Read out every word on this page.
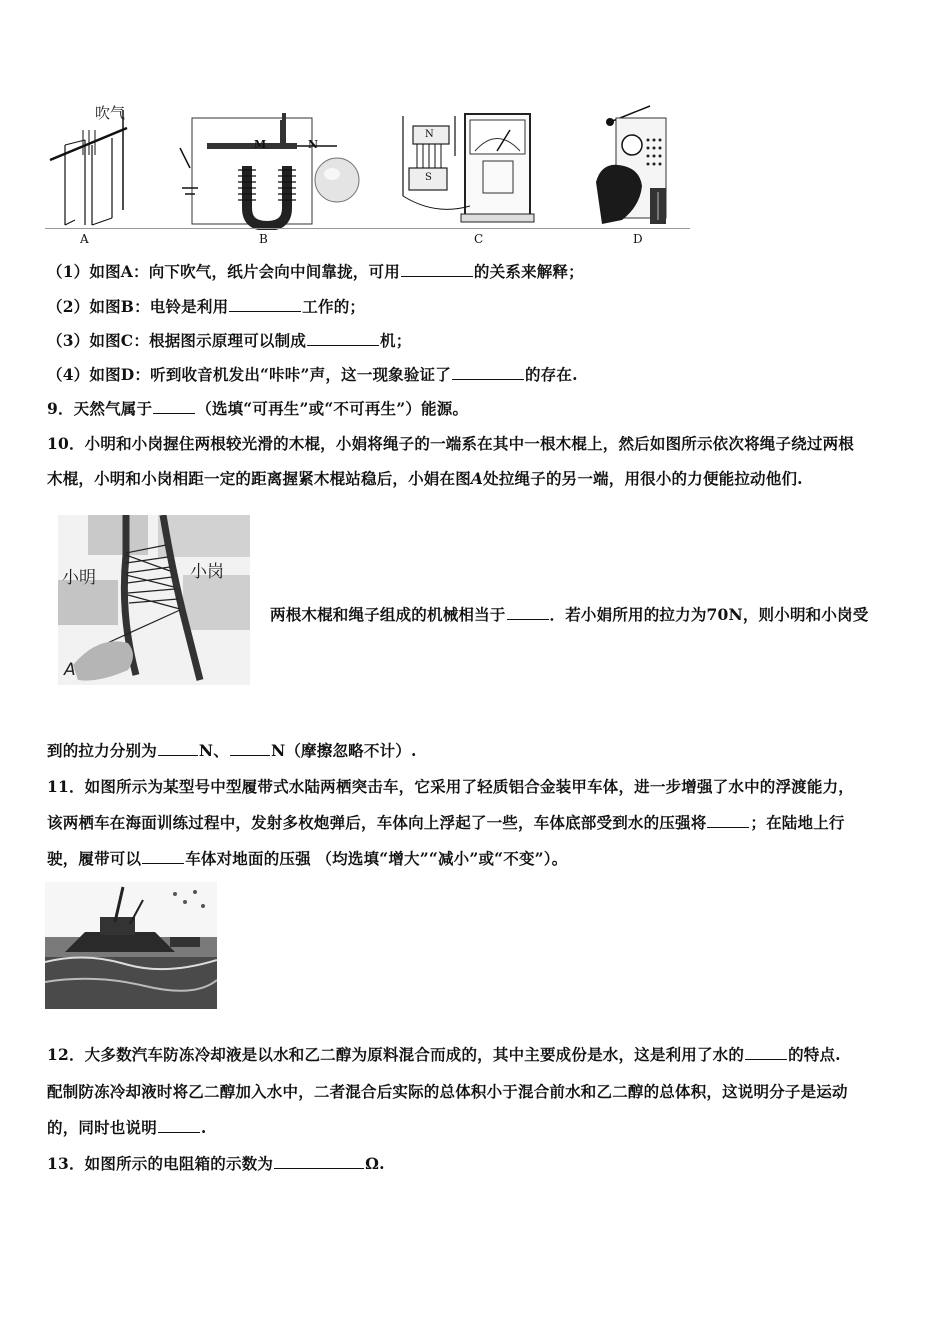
吹气
A
M	N
B
N
S
C	D
（1）如图A：向下吹气，纸片会向中间靠拢，可用	的关系来解释；
（2）如图B：电铃是利用	工作的；
（3）如图C：根据图示原理可以制成	机；
（4）如图D：听到收音机发出“咔咔”声，这一现象验证了	的存在.
9．天然气属于	（选填“可再生”或“不可再生”）能源。
10．小明和小岗握住两根较光滑的木棍，小娟将绳子的一端系在其中一根木棍上，然后如图所示依次将绳子绕过两根
木棍，小明和小岗相距一定的距离握紧木棍站稳后，小娟在图A处拉绳子的另一端，用很小的力便能拉动他们.
小明	小岗
A
两根木棍和绳子组成的机械相当于	．若小娟所用的拉力为70N，则小明和小岗受
到的拉力分别为	N、	N（摩擦忽略不计）.
11．如图所示为某型号中型履带式水陆两栖突击车，它采用了轻质铝合金装甲车体，进一步增强了水中的浮渡能力，
该两栖车在海面训练过程中，发射多枚炮弹后，车体向上浮起了一些，车体底部受到水的压强将	；在陆地上行
驶，履带可以	车体对地面的压强 （均选填“增大”“减小”或“不变”）。
12．大多数汽车防冻冷却液是以水和乙二醇为原料混合而成的，其中主要成份是水，这是利用了水的	的特点.
配制防冻冷却液时将乙二醇加入水中，二者混合后实际的总体积小于混合前水和乙二醇的总体积，这说明分子是运动
的，同时也说明	.
13．如图所示的电阻箱的示数为	Ω.
